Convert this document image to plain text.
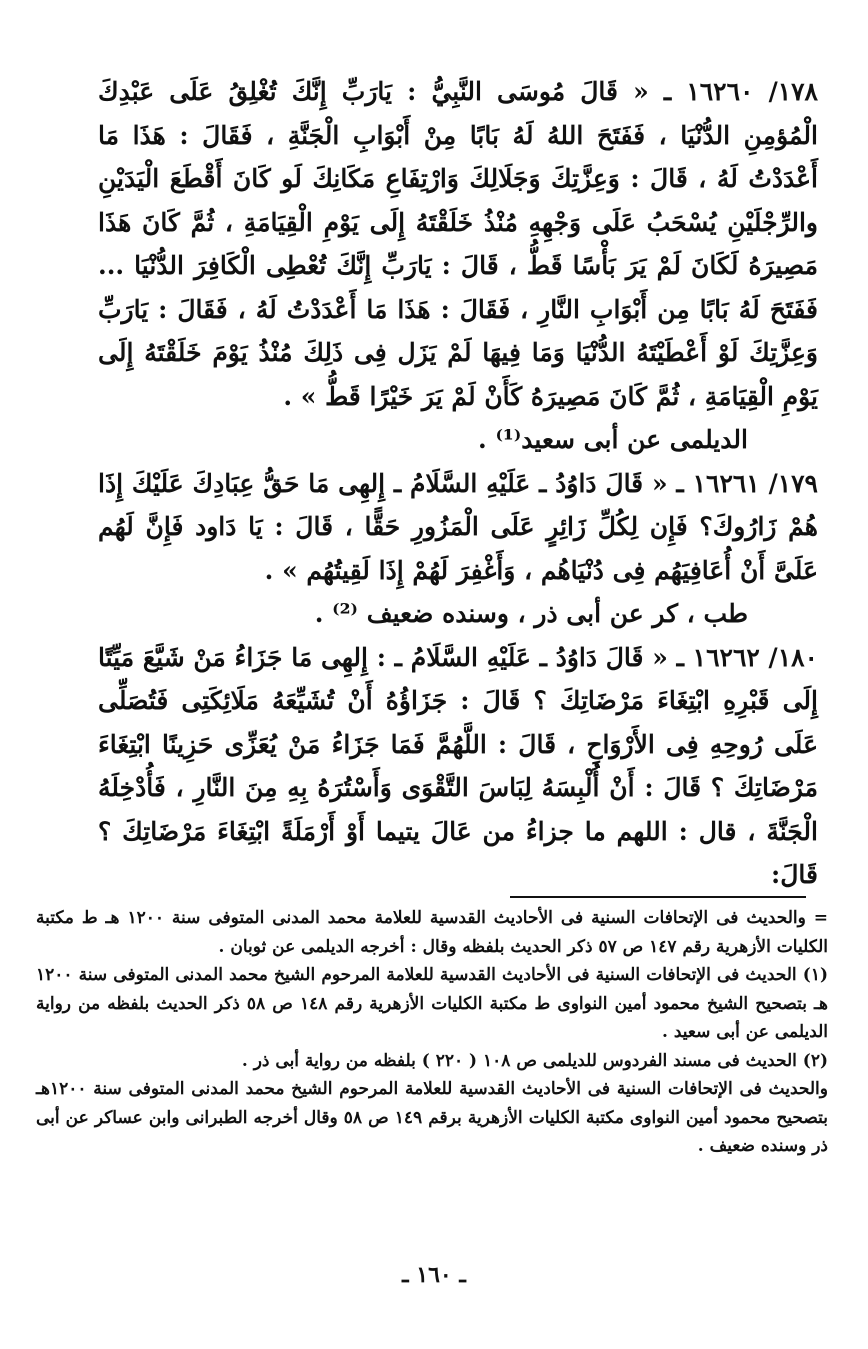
١٧٨/ ١٦٢٦٠ ـ « قَالَ مُوسَى النَّبِيُّ : يَارَبِّ إِنَّكَ تُغْلِقُ عَلَى عَبْدِكَ الْمُؤمِنِ الدُّنْيَا ، فَفَتَحَ اللهُ لَهُ بَابًا مِنْ أَبْوَابِ الْجَنَّةِ ، فَقَالَ : هَذَا مَا أَعْدَدْتُ لَهُ ، قَالَ : وَعِزَّتِكَ وَجَلَالِكَ وَارْتِفَاعِ مَكَانِكَ لَو كَانَ أَقْطَعَ الْيَدَيْنِ والرِّجْلَيْنِ يُسْحَبُ عَلَى وَجْهِهِ مُنْذُ خَلَقْتَهُ إِلَى يَوْمِ الْقِيَامَةِ ، ثُمَّ كَانَ هَذَا مَصِيرَهُ لَكَانَ لَمْ يَرَ بَأْسًا قَطُّ ، قَالَ : يَارَبِّ إِنَّكَ تُعْطِى الْكَافِرَ الدُّنْيَا ... فَفَتَحَ لَهُ بَابًا مِن أَبْوَابِ النَّارِ ، فَقَالَ : هَذَا مَا أَعْدَدْتُ لَهُ ، فَقَالَ : يَارَبِّ وَعِزَّتِكَ لَوْ أَعْطَيْتَهُ الدُّنْيَا وَمَا فِيهَا لَمْ يَزَل فِى ذَلِكَ مُنْذُ يَوْمَ خَلَقْتَهُ إِلَى يَوْمِ الْقِيَامَةِ ، ثُمَّ كَانَ مَصِيرَهُ كَأَنْ لَمْ يَرَ خَيْرًا قَطُّ » .

الديلمى عن أبى سعيد⁽¹⁾ .

١٧٩/ ١٦٢٦١ ـ « قَالَ دَاوُدُ ـ عَلَيْهِ السَّلَامُ ـ إِلهِى مَا حَقُّ عِبَادِكَ عَلَيْكَ إِذَا هُمْ زَارُوكَ؟ فَإِن لِكُلِّ زَائِرٍ عَلَى الْمَزُورِ حَقًّا ، قَالَ : يَا دَاود فَإِنَّ لَهُم عَلَىَّ أَنْ أُعَافِيَهُم فِى دُنْيَاهُم ، وَأَغْفِرَ لَهُمْ إِذَا لَقِيتُهُم » .

طب ، كر عن أبى ذر ، وسنده ضعيف ⁽²⁾ .

١٨٠/ ١٦٢٦٢ ـ « قَالَ دَاوُدُ ـ عَلَيْهِ السَّلَامُ ـ : إِلهِى مَا جَزَاءُ مَنْ شَيَّعَ مَيِّتًا إِلَى قَبْرِهِ ابْتِغَاءَ مَرْضَاتِكَ ؟ قَالَ : جَزَاؤُهُ أَنْ تُشَيِّعَهُ مَلَائِكَتِى فَتُصَلِّى عَلَى رُوحِهِ فِى الأَرْوَاحِ ، قَالَ : اللَّهُمَّ فَمَا جَزَاءُ مَنْ يُعَزِّى حَزِينًا ابْتِغَاءَ مَرْضَاتِكَ ؟ قَالَ : أَنْ أُلْبِسَهُ لِبَاسَ التَّقْوَى وَأَسْتُرَهُ بِهِ مِنَ النَّارِ ، فَأُدْخِلَهُ الْجَنَّةَ ، قال : اللهم ما جزاءُ من عَالَ يتيما أَوْ أَرْمَلَةً ابْتِغَاءَ مَرْضَاتِكَ ؟ قَالَ:

= والحديث فى الإتحافات السنية فى الأحاديث القدسية للعلامة محمد المدنى المتوفى سنة ١٢٠٠ هـ ط مكتبة الكليات الأزهرية رقم ١٤٧ ص ٥٧ ذكر الحديث بلفظه وقال : أخرجه الديلمى عن ثوبان .

(١) الحديث فى الإتحافات السنية فى الأحاديث القدسية للعلامة المرحوم الشيخ محمد المدنى المتوفى سنة ١٢٠٠ هـ بتصحيح الشيخ محمود أمين النواوى ط مكتبة الكليات الأزهرية رقم ١٤٨ ص ٥٨ ذكر الحديث بلفظه من رواية الديلمى عن أبى سعيد .

(٢) الحديث فى مسند الفردوس للديلمى ص ١٠٨ ( ٢٢٠ ) بلفظه من رواية أبى ذر .

والحديث فى الإتحافات السنية فى الأحاديث القدسية للعلامة المرحوم الشيخ محمد المدنى المتوفى سنة ١٢٠٠هـ بتصحيح محمود أمين النواوى مكتبة الكليات الأزهرية برقم ١٤٩ ص ٥٨ وقال أخرجه الطبرانى وابن عساكر عن أبى ذر وسنده ضعيف .

ـ ١٦٠ ـ
